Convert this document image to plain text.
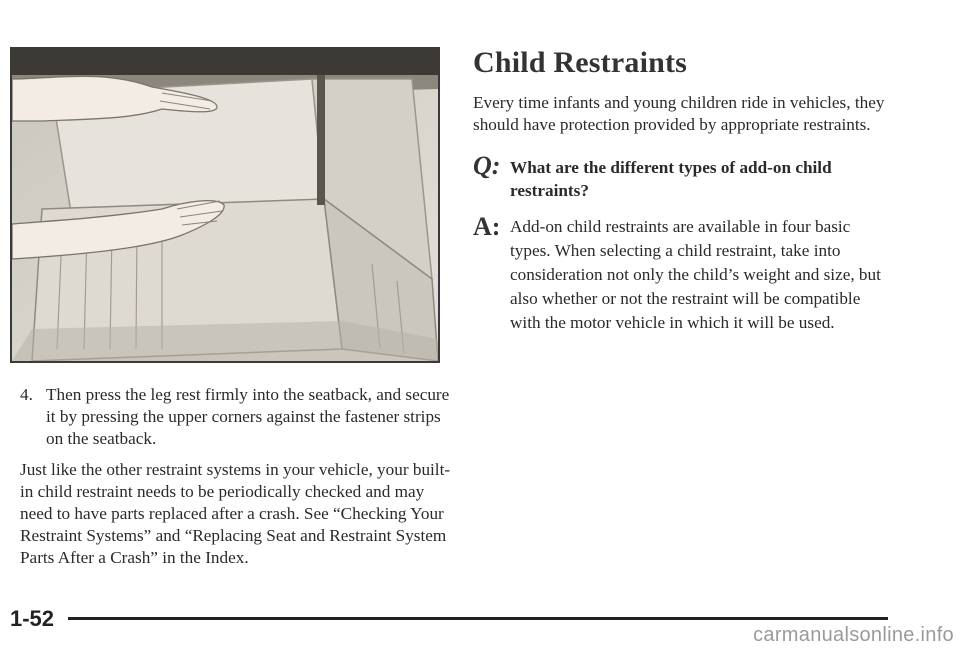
4. Then press the leg rest firmly into the seatback, and secure it by pressing the upper corners against the fastener strips on the seatback.
Just like the other restraint systems in your vehicle, your built-in child restraint needs to be periodically checked and may need to have parts replaced after a crash. See “Checking Your Restraint Systems” and “Replacing Seat and Restraint System Parts After a Crash” in the Index.
Child Restraints
Every time infants and young children ride in vehicles, they should have protection provided by appropriate restraints.
Q: What are the different types of add-on child restraints?
A: Add-on child restraints are available in four basic types. When selecting a child restraint, take into consideration not only the child’s weight and size, but also whether or not the restraint will be compatible with the motor vehicle in which it will be used.
1-52
carmanualsonline.info
